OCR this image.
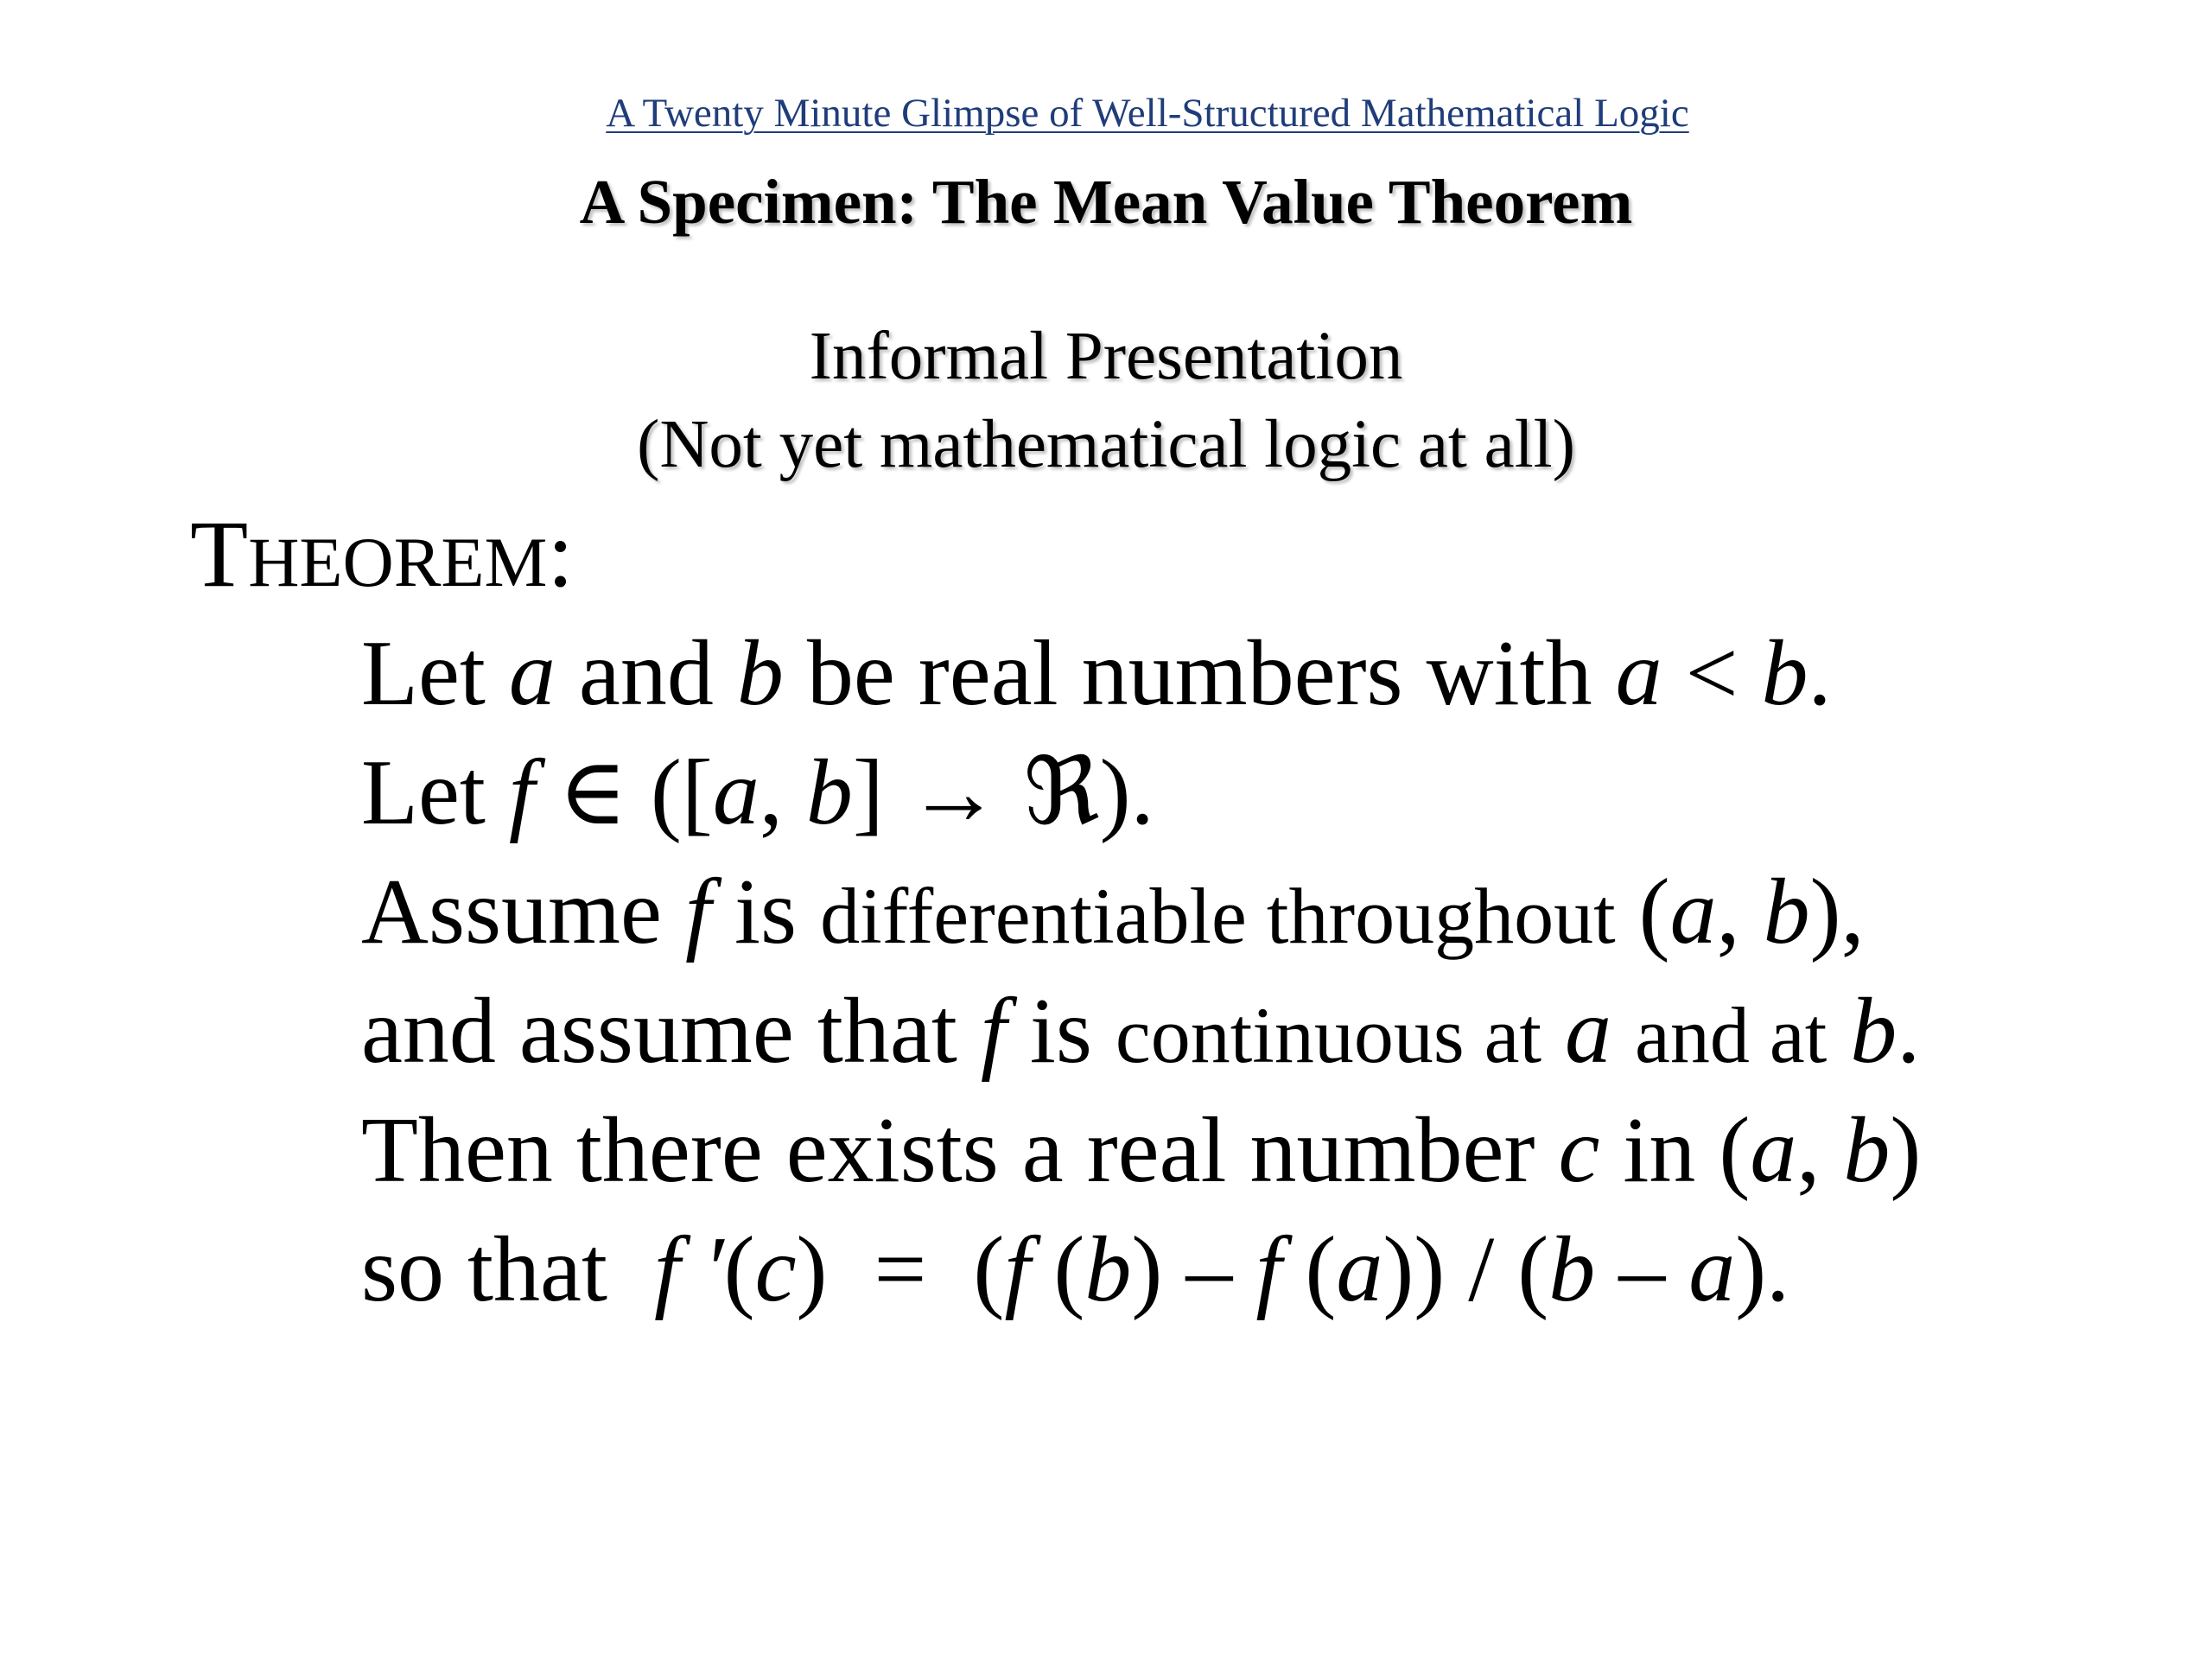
A Twenty Minute Glimpse of Well-Structured Mathematical Logic
A Specimen: The Mean Value Theorem
Informal Presentation
(Not yet mathematical logic at all)
THEOREM:
Let a and b be real numbers with a < b.
Let f ∈ ([a, b] → ℜ).
Assume f is differentiable throughout (a, b),
and assume that f is continuous at a and at b.
Then there exists a real number c in (a, b)
so that  f ′(c)  =  (f (b) – f (a)) / (b – a).
